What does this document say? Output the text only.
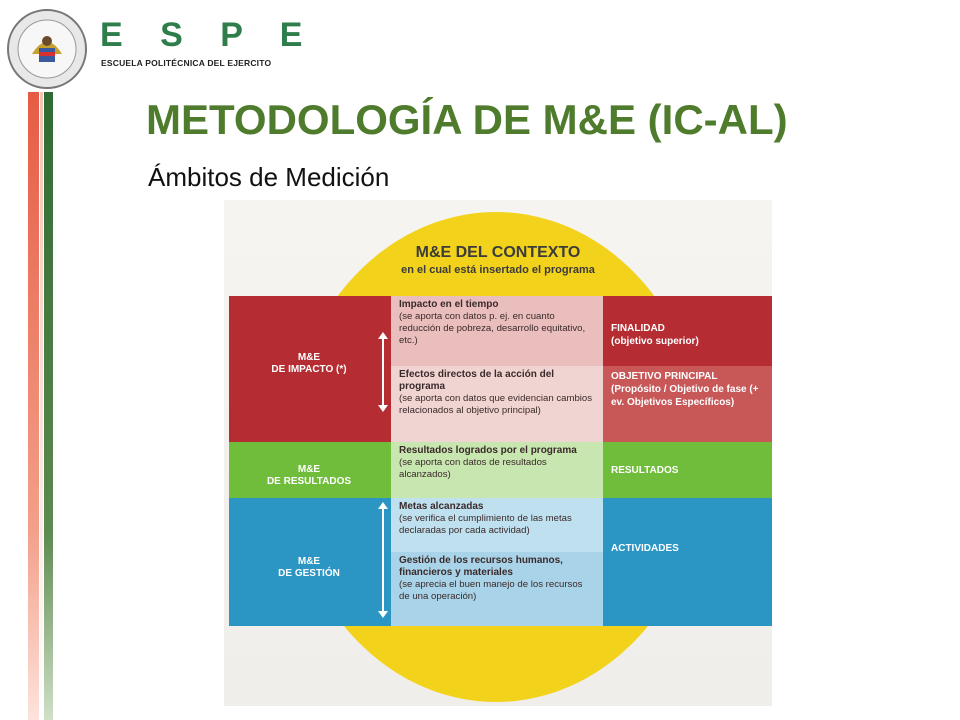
E S P E
ESCUELA POLITÉCNICA DEL EJERCITO
METODOLOGÍA DE M&E (IC-AL)
Ámbitos de Medición
M&E DEL CONTEXTO
en el cual está insertado el programa
M&E
DE IMPACTO (*)
Impacto en el tiempo
(se aporta con datos p. ej. en cuanto reducción de pobreza, desarrollo equitativo, etc.)
Efectos directos de la acción del programa
(se aporta con datos que evidencian cambios relacionados al objetivo principal)
FINALIDAD
(objetivo superior)
OBJETIVO PRINCIPAL
(Propósito / Objetivo de fase (+ ev. Objetivos Específicos)
M&E
DE RESULTADOS
Resultados logrados por el programa
(se aporta con datos de resultados alcanzados)	RESULTADOS
M&E
DE GESTIÓN
Metas alcanzadas
(se verifica el cumplimiento de las metas declaradas por cada actividad)
Gestión de los recursos humanos, financieros y materiales
(se aprecia el buen manejo de los recursos de una operación)
ACTIVIDADES
